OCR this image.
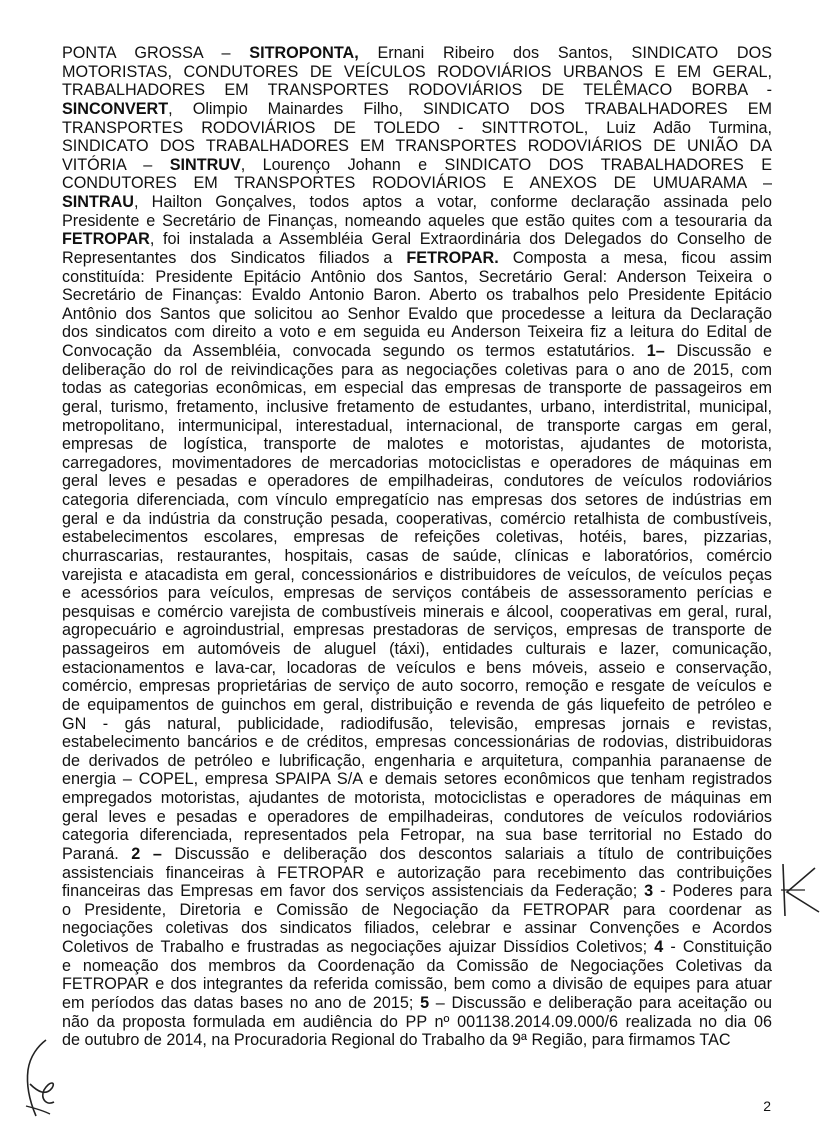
PONTA GROSSA – SITROPONTA, Ernani Ribeiro dos Santos, SINDICATO DOS
MOTORISTAS, CONDUTORES DE VEÍCULOS RODOVIÁRIOS URBANOS E EM GERAL,
TRABALHADORES EM TRANSPORTES RODOVIÁRIOS DE TELÊMACO BORBA -
SINCONVERT, Olimpio Mainardes Filho, SINDICATO DOS TRABALHADORES EM
TRANSPORTES RODOVIÁRIOS DE TOLEDO - SINTTROTOL, Luiz Adão Turmina,
SINDICATO DOS TRABALHADORES EM TRANSPORTES RODOVIÁRIOS DE UNIÃO DA
VITÓRIA – SINTRUV, Lourenço Johann e SINDICATO DOS TRABALHADORES E
CONDUTORES EM TRANSPORTES RODOVIÁRIOS E ANEXOS DE UMUARAMA –
SINTRAU, Hailton Gonçalves, todos aptos a votar, conforme declaração assinada pelo
Presidente e Secretário de Finanças, nomeando aqueles que estão quites com a tesouraria da
FETROPAR, foi instalada a Assembléia Geral Extraordinária dos Delegados do Conselho de
Representantes dos Sindicatos filiados a FETROPAR. Composta a mesa, ficou assim
constituída: Presidente Epitácio Antônio dos Santos, Secretário Geral: Anderson Teixeira o
Secretário de Finanças: Evaldo Antonio Baron. Aberto os trabalhos pelo Presidente Epitácio
Antônio dos Santos que solicitou ao Senhor Evaldo que procedesse a leitura da Declaração
dos sindicatos com direito a voto e em seguida eu Anderson Teixeira fiz a leitura do Edital de
Convocação da Assembléia, convocada segundo os termos estatutários. 1– Discussão e
deliberação do rol de reivindicações para as negociações coletivas para o ano de 2015, com
todas as categorias econômicas, em especial das empresas de transporte de passageiros em
geral, turismo, fretamento, inclusive fretamento de estudantes, urbano, interdistrital, municipal,
metropolitano, intermunicipal, interestadual, internacional, de transporte cargas em geral,
empresas de logística, transporte de malotes e motoristas, ajudantes de motorista,
carregadores, movimentadores de mercadorias motociclistas e operadores de máquinas em
geral leves e pesadas e operadores de empilhadeiras, condutores de veículos rodoviários
categoria diferenciada, com vínculo empregatício nas empresas dos setores de indústrias em
geral e da indústria da construção pesada, cooperativas, comércio retalhista de combustíveis,
estabelecimentos escolares, empresas de refeições coletivas, hotéis, bares, pizzarias,
churrascarias, restaurantes, hospitais, casas de saúde, clínicas e laboratórios, comércio
varejista e atacadista em geral, concessionários e distribuidores de veículos, de veículos peças
e acessórios para veículos, empresas de serviços contábeis de assessoramento perícias e
pesquisas e comércio varejista de combustíveis minerais e álcool, cooperativas em geral, rural,
agropecuário e agroindustrial, empresas prestadoras de serviços, empresas de transporte de
passageiros em automóveis de aluguel (táxi), entidades culturais e lazer, comunicação,
estacionamentos e lava-car, locadoras de veículos e bens móveis, asseio e conservação,
comércio, empresas proprietárias de serviço de auto socorro, remoção e resgate de veículos e
de equipamentos de guinchos em geral, distribuição e revenda de gás liquefeito de petróleo e
GN - gás natural, publicidade, radiodifusão, televisão, empresas jornais e revistas,
estabelecimento bancários e de créditos, empresas concessionárias de rodovias, distribuidoras
de derivados de petróleo e lubrificação, engenharia e arquitetura, companhia paranaense de
energia – COPEL, empresa SPAIPA S/A e demais setores econômicos que tenham registrados
empregados motoristas, ajudantes de motorista, motociclistas e operadores de máquinas em
geral leves e pesadas e operadores de empilhadeiras, condutores de veículos rodoviários
categoria diferenciada, representados pela Fetropar, na sua base territorial no Estado do
Paraná. 2 – Discussão e deliberação dos descontos salariais a título de contribuições
assistenciais financeiras à FETROPAR e autorização para recebimento das contribuições
financeiras das Empresas em favor dos serviços assistenciais da Federação; 3 - Poderes para
o Presidente, Diretoria e Comissão de Negociação da FETROPAR para coordenar as
negociações coletivas dos sindicatos filiados, celebrar e assinar Convenções e Acordos
Coletivos de Trabalho e frustradas as negociações ajuizar Dissídios Coletivos; 4 - Constituição
e nomeação dos membros da Coordenação da Comissão de Negociações Coletivas da
FETROPAR e dos integrantes da referida comissão, bem como a divisão de equipes para atuar
em períodos das datas bases no ano de 2015; 5 – Discussão e deliberação para aceitação ou
não da proposta formulada em audiência do PP nº 001138.2014.09.000/6 realizada no dia 06
de outubro de 2014, na Procuradoria Regional do Trabalho da 9ª Região, para firmamos TAC
2
